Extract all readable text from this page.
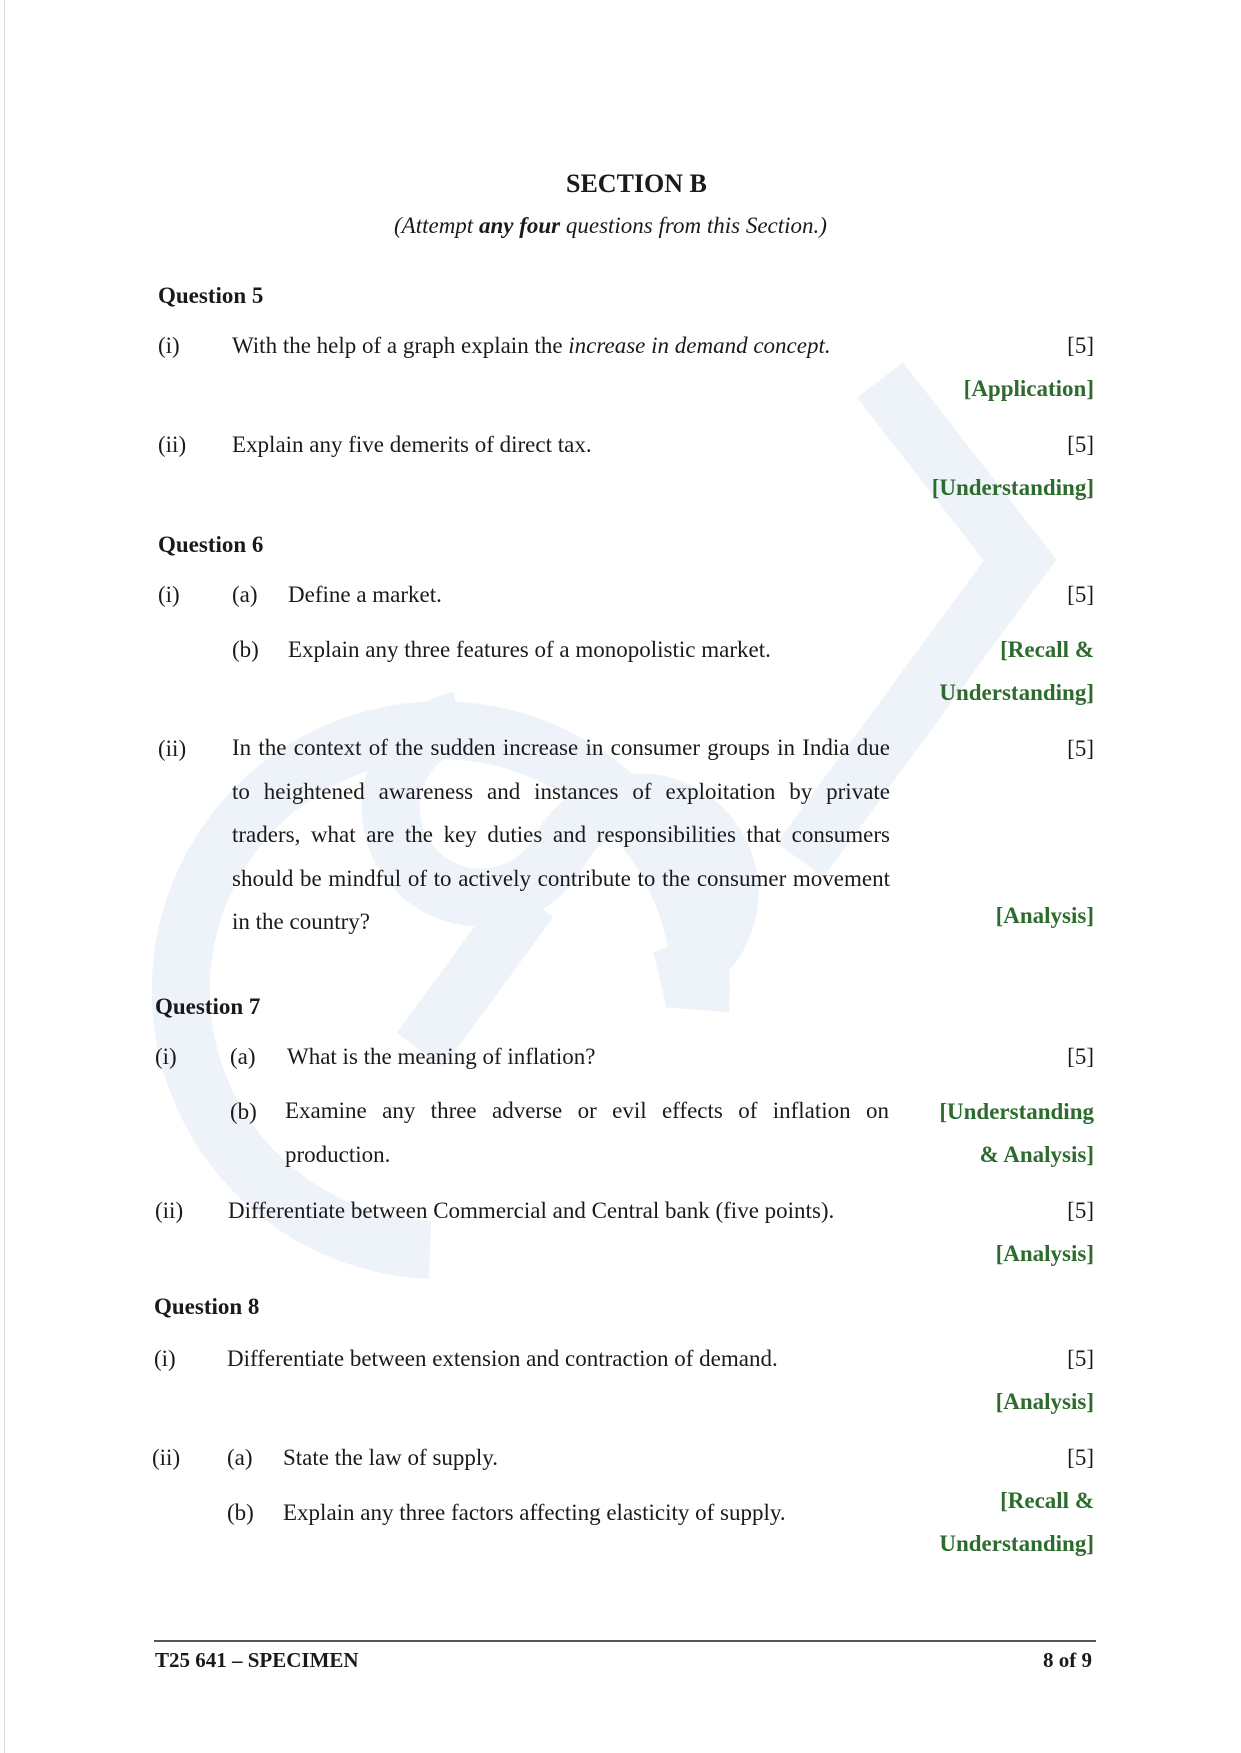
SECTION B
(Attempt any four questions from this Section.)
Question 5
(i) With the help of a graph explain the increase in demand concept.	[5]
[Application]
(ii) Explain any five demerits of direct tax.	[5]
[Understanding]
Question 6
(i) (a) Define a market.	[5]
(b) Explain any three features of a monopolistic market.	[Recall &
Understanding]
(ii) In the context of the sudden increase in consumer groups in India due to heightened awareness and instances of exploitation by private traders, what are the key duties and responsibilities that consumers should be mindful of to actively contribute to the consumer movement in the country?
[5]
[Analysis]
Question 7
(i) (a) What is the meaning of inflation?	[5]
(b) Examine any three adverse or evil effects of inflation on production.
[Understanding
& Analysis]
(ii) Differentiate between Commercial and Central bank (five points).	[5]
[Analysis]
Question 8
(i) Differentiate between extension and contraction of demand.	[5]
[Analysis]
(ii) (a) State the law of supply.	[5]
[Recall &
(b) Explain any three factors affecting elasticity of supply.
Understanding]
T25 641 – SPECIMEN	8 of 9
